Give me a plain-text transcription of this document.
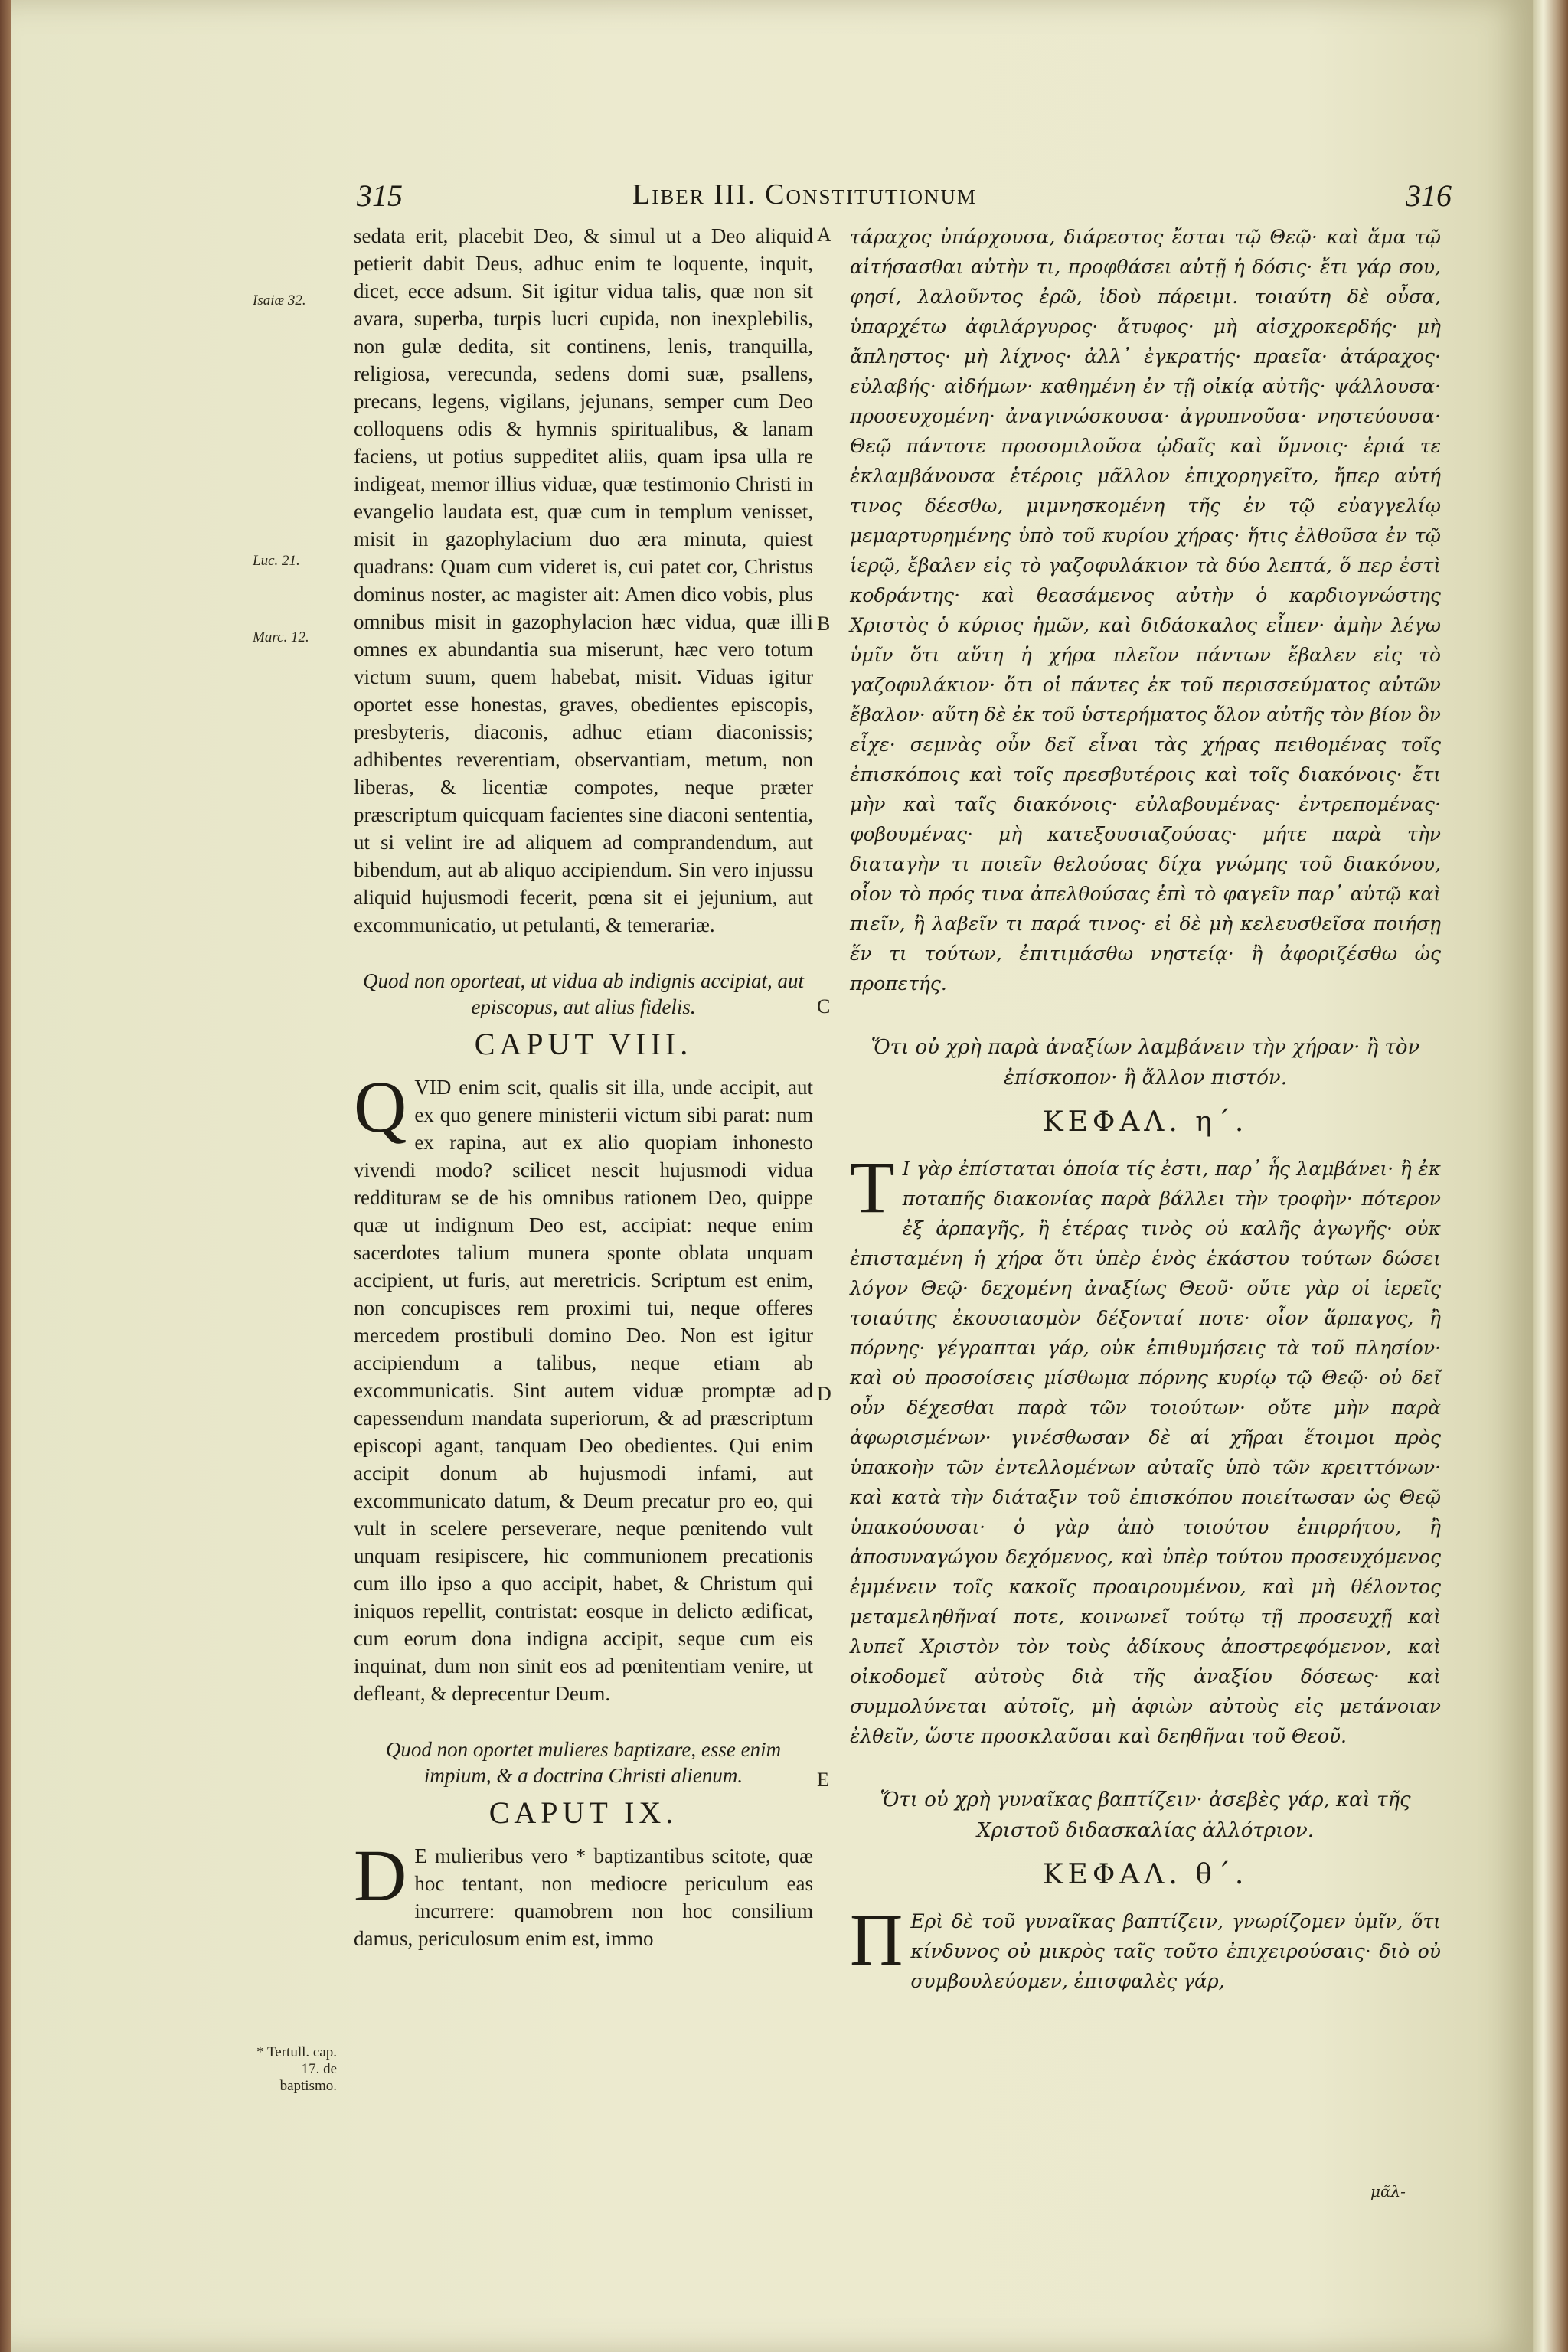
315	Liber III. Constitutionum	316
Isaiæ 32.
Luc. 21.
Marc. 12.
* Tertull. cap. 17. de baptismo.
A
B
C
D
E

sedata erit, placebit Deo, & simul ut a Deo aliquid petierit dabit Deus, adhuc enim te loquente, inquit, dicet, ecce adsum. Sit igitur vidua talis, quæ non sit avara, superba, turpis lucri cupida, non inexplebilis, non gulæ dedita, sit continens, lenis, tranquilla, religiosa, verecunda, sedens domi suæ, psallens, precans, legens, vigilans, jejunans, semper cum Deo colloquens odis & hymnis spiritualibus, & lanam faciens, ut potius suppeditet aliis, quam ipsa ulla re indigeat, memor illius viduæ, quæ testimonio Christi in evangelio laudata est, quæ cum in templum venisset, misit in gazophylacium duo æra minuta, quiest quadrans: Quam cum videret is, cui patet cor, Christus dominus noster, ac magister ait: Amen dico vobis, plus omnibus misit in gazophylacion hæc vidua, quæ illi omnes ex abundantia sua miserunt, hæc vero totum victum suum, quem habebat, misit. Viduas igitur oportet esse honestas, graves, obedientes episcopis, presbyteris, diaconis, adhuc etiam diaconissis; adhibentes reverentiam, observantiam, metum, non liberas, & licentiæ compotes, neque præter præscriptum quicquam facientes sine diaconi sententia, ut si velint ire ad aliquem ad comprandendum, aut bibendum, aut ab aliquo accipiendum. Sin vero injussu aliquid hujusmodi fecerit, pœna sit ei jejunium, aut excommunicatio, ut petulanti, & temerariæ.

Quod non oporteat, ut vidua ab indignis accipiat, aut episcopus, aut alius fidelis.

CAPUT VIII.

QVID enim scit, qualis sit illa, unde accipit, aut ex quo genere ministerii victum sibi parat: num ex rapina, aut ex alio quopiam inhonesto vivendi modo? scilicet nescit hujusmodi vidua redditurам se de his omnibus rationem Deo, quippe quæ ut indignum Deo est, accipiat: neque enim sacerdotes talium munera sponte oblata unquam accipient, ut furis, aut meretricis. Scriptum est enim, non concupisces rem proximi tui, neque offeres mercedem prostibuli domino Deo. Non est igitur accipiendum a talibus, neque etiam ab excommunicatis. Sint autem viduæ promptæ ad capessendum mandata superiorum, & ad præscriptum episcopi agant, tanquam Deo obedientes. Qui enim accipit donum ab hujusmodi infami, aut excommunicato datum, & Deum precatur pro eo, qui vult in scelere perseverare, neque pœnitendo vult unquam resipiscere, hic communionem precationis cum illo ipso a quo accipit, habet, & Christum qui iniquos repellit, contristat: eosque in delicto ædificat, cum eorum dona indigna accipit, seque cum eis inquinat, dum non sinit eos ad pœnitentiam venire, ut defleant, & deprecentur Deum.

Quod non oportet mulieres baptizare, esse enim impium, & a doctrina Christi alienum.

CAPUT IX.

D E mulieribus vero * baptizantibus scitote, quæ hoc tentant, non mediocre periculum eas incurrere: quamobrem non hoc consilium damus, periculosum enim est, immo

τάραχος ὑπάρχουσα, διάρεστος ἔσται τῷ Θεῷ· καὶ ἅμα τῷ αἰτήσασθαι αὐτὴν τι, προφθάσει αὐτῇ ἡ δόσις· ἔτι γάρ σου, φησί, λαλοῦντος ἐρῶ, ἰδοὺ πάρειμι. τοιαύτη δὲ οὖσα, ὑπαρχέτω ἀφιλάργυρος· ἄτυφος· μὴ αἰσχροκερδής· μὴ ἄπληστος· μὴ λίχνος· ἀλλ᾽ ἐγκρατής· πραεῖα· ἀτάραχος· εὐλαβής· αἰδήμων· καθημένη ἐν τῇ οἰκίᾳ αὐτῆς· ψάλλουσα· προσευχομένη· ἀναγινώσκουσα· ἀγρυπνοῦσα· νηστεύουσα· Θεῷ πάντοτε προσομιλοῦσα ᾠδαῖς καὶ ὕμνοις· ἐριά τε ἐκλαμβάνουσα ἑτέροις μᾶλλον ἐπιχορηγεῖτο, ἤπερ αὐτή τινος δέεσθω, μιμνησκομένη τῆς ἐν τῷ εὐαγγελίῳ μεμαρτυρημένης ὑπὸ τοῦ κυρίου χήρας· ἥτις ἐλθοῦσα ἐν τῷ ἱερῷ, ἔβαλεν εἰς τὸ γαζοφυλάκιον τὰ δύο λεπτά, ὅ περ ἐστὶ κοδράντης· καὶ θεασάμενος αὐτὴν ὁ καρδιογνώστης Χριστὸς ὁ κύριος ἡμῶν, καὶ διδάσκαλος εἶπεν· ἀμὴν λέγω ὑμῖν ὅτι αὕτη ἡ χήρα πλεῖον πάντων ἔβαλεν εἰς τὸ γαζοφυλάκιον· ὅτι οἱ πάντες ἐκ τοῦ περισσεύματος αὐτῶν ἔβαλον· αὕτη δὲ ἐκ τοῦ ὑστερήματος ὅλον αὐτῆς τὸν βίον ὃν εἶχε· σεμνὰς οὖν δεῖ εἶναι τὰς χήρας πειθομένας τοῖς ἐπισκόποις καὶ τοῖς πρεσβυτέροις καὶ τοῖς διακόνοις· ἔτι μὴν καὶ ταῖς διακόνοις· εὐλαβουμένας· ἐντρεπομένας· φοβουμένας· μὴ κατεξουσιαζούσας· μήτε παρὰ τὴν διαταγὴν τι ποιεῖν θελούσας δίχα γνώμης τοῦ διακόνου, οἷον τὸ πρός τινα ἀπελθούσας ἐπὶ τὸ φαγεῖν παρ᾽ αὐτῷ καὶ πιεῖν, ἢ λαβεῖν τι παρά τινος· εἰ δὲ μὴ κελευσθεῖσα ποιήσῃ ἕν τι τούτων, ἐπιτιμάσθω νηστείᾳ· ἢ ἀφοριζέσθω ὡς προπετής.

Ὅτι οὐ χρὴ παρὰ ἀναξίων λαμβάνειν τὴν χήραν· ἢ τὸν ἐπίσκοπον· ἢ ἄλλον πιστόν.

ΚΕΦΑΛ. η´.

Τ Ι γὰρ ἐπίσταται ὁποία τίς ἐστι, παρ᾽ ἧς λαμβάνει· ἢ ἐκ ποταπῆς διακονίας παρὰ βάλλει τὴν τροφὴν· πότερον ἐξ ἁρπαγῆς, ἢ ἑτέρας τινὸς οὐ καλῆς ἀγωγῆς· οὐκ ἐπισταμένη ἡ χήρα ὅτι ὑπὲρ ἑνὸς ἑκάστου τούτων δώσει λόγον Θεῷ· δεχομένη ἀναξίως Θεοῦ· οὔτε γὰρ οἱ ἱερεῖς τοιαύτης ἐκουσιασμὸν δέξονταί ποτε· οἷον ἅρπαγος, ἢ πόρνης· γέγραπται γάρ, οὐκ ἐπιθυμήσεις τὰ τοῦ πλησίον· καὶ οὐ προσοίσεις μίσθωμα πόρνης κυρίῳ τῷ Θεῷ· οὐ δεῖ οὖν δέχεσθαι παρὰ τῶν τοιούτων· οὔτε μὴν παρὰ ἀφωρισμένων· γινέσθωσαν δὲ αἱ χῆραι ἕτοιμοι πρὸς ὑπακοὴν τῶν ἐντελλομένων αὐταῖς ὑπὸ τῶν κρειττόνων· καὶ κατὰ τὴν διάταξιν τοῦ ἐπισκόπου ποιείτωσαν ὡς Θεῷ ὑπακούουσαι· ὁ γὰρ ἀπὸ τοιούτου ἐπιρρήτου, ἢ ἀποσυναγώγου δεχόμενος, καὶ ὑπὲρ τούτου προσευχόμενος ἐμμένειν τοῖς κακοῖς προαιρουμένου, καὶ μὴ θέλοντος μεταμεληθῆναί ποτε, κοινωνεῖ τούτῳ τῇ προσευχῇ καὶ λυπεῖ Χριστὸν τὸν τοὺς ἀδίκους ἀποστρεφόμενον, καὶ οἰκοδομεῖ αὐτοὺς διὰ τῆς ἀναξίου δόσεως· καὶ συμμολύνεται αὐτοῖς, μὴ ἀφιὼν αὐτοὺς εἰς μετάνοιαν ἐλθεῖν, ὥστε προσκλαῦσαι καὶ δεηθῆναι τοῦ Θεοῦ.

Ὅτι οὐ χρὴ γυναῖκας βαπτίζειν· ἀσεβὲς γάρ, καὶ τῆς Χριστοῦ διδασκαλίας ἀλλότριον.

ΚΕΦΑΛ. θ´.

Π Ερὶ δὲ τοῦ γυναῖκας βαπτίζειν, γνωρίζομεν ὑμῖν, ὅτι κίνδυνος οὐ μικρὸς ταῖς τοῦτο ἐπιχειρούσαις· διὸ οὐ συμβουλεύομεν, ἐπισφαλὲς γάρ,

μᾶλ-
